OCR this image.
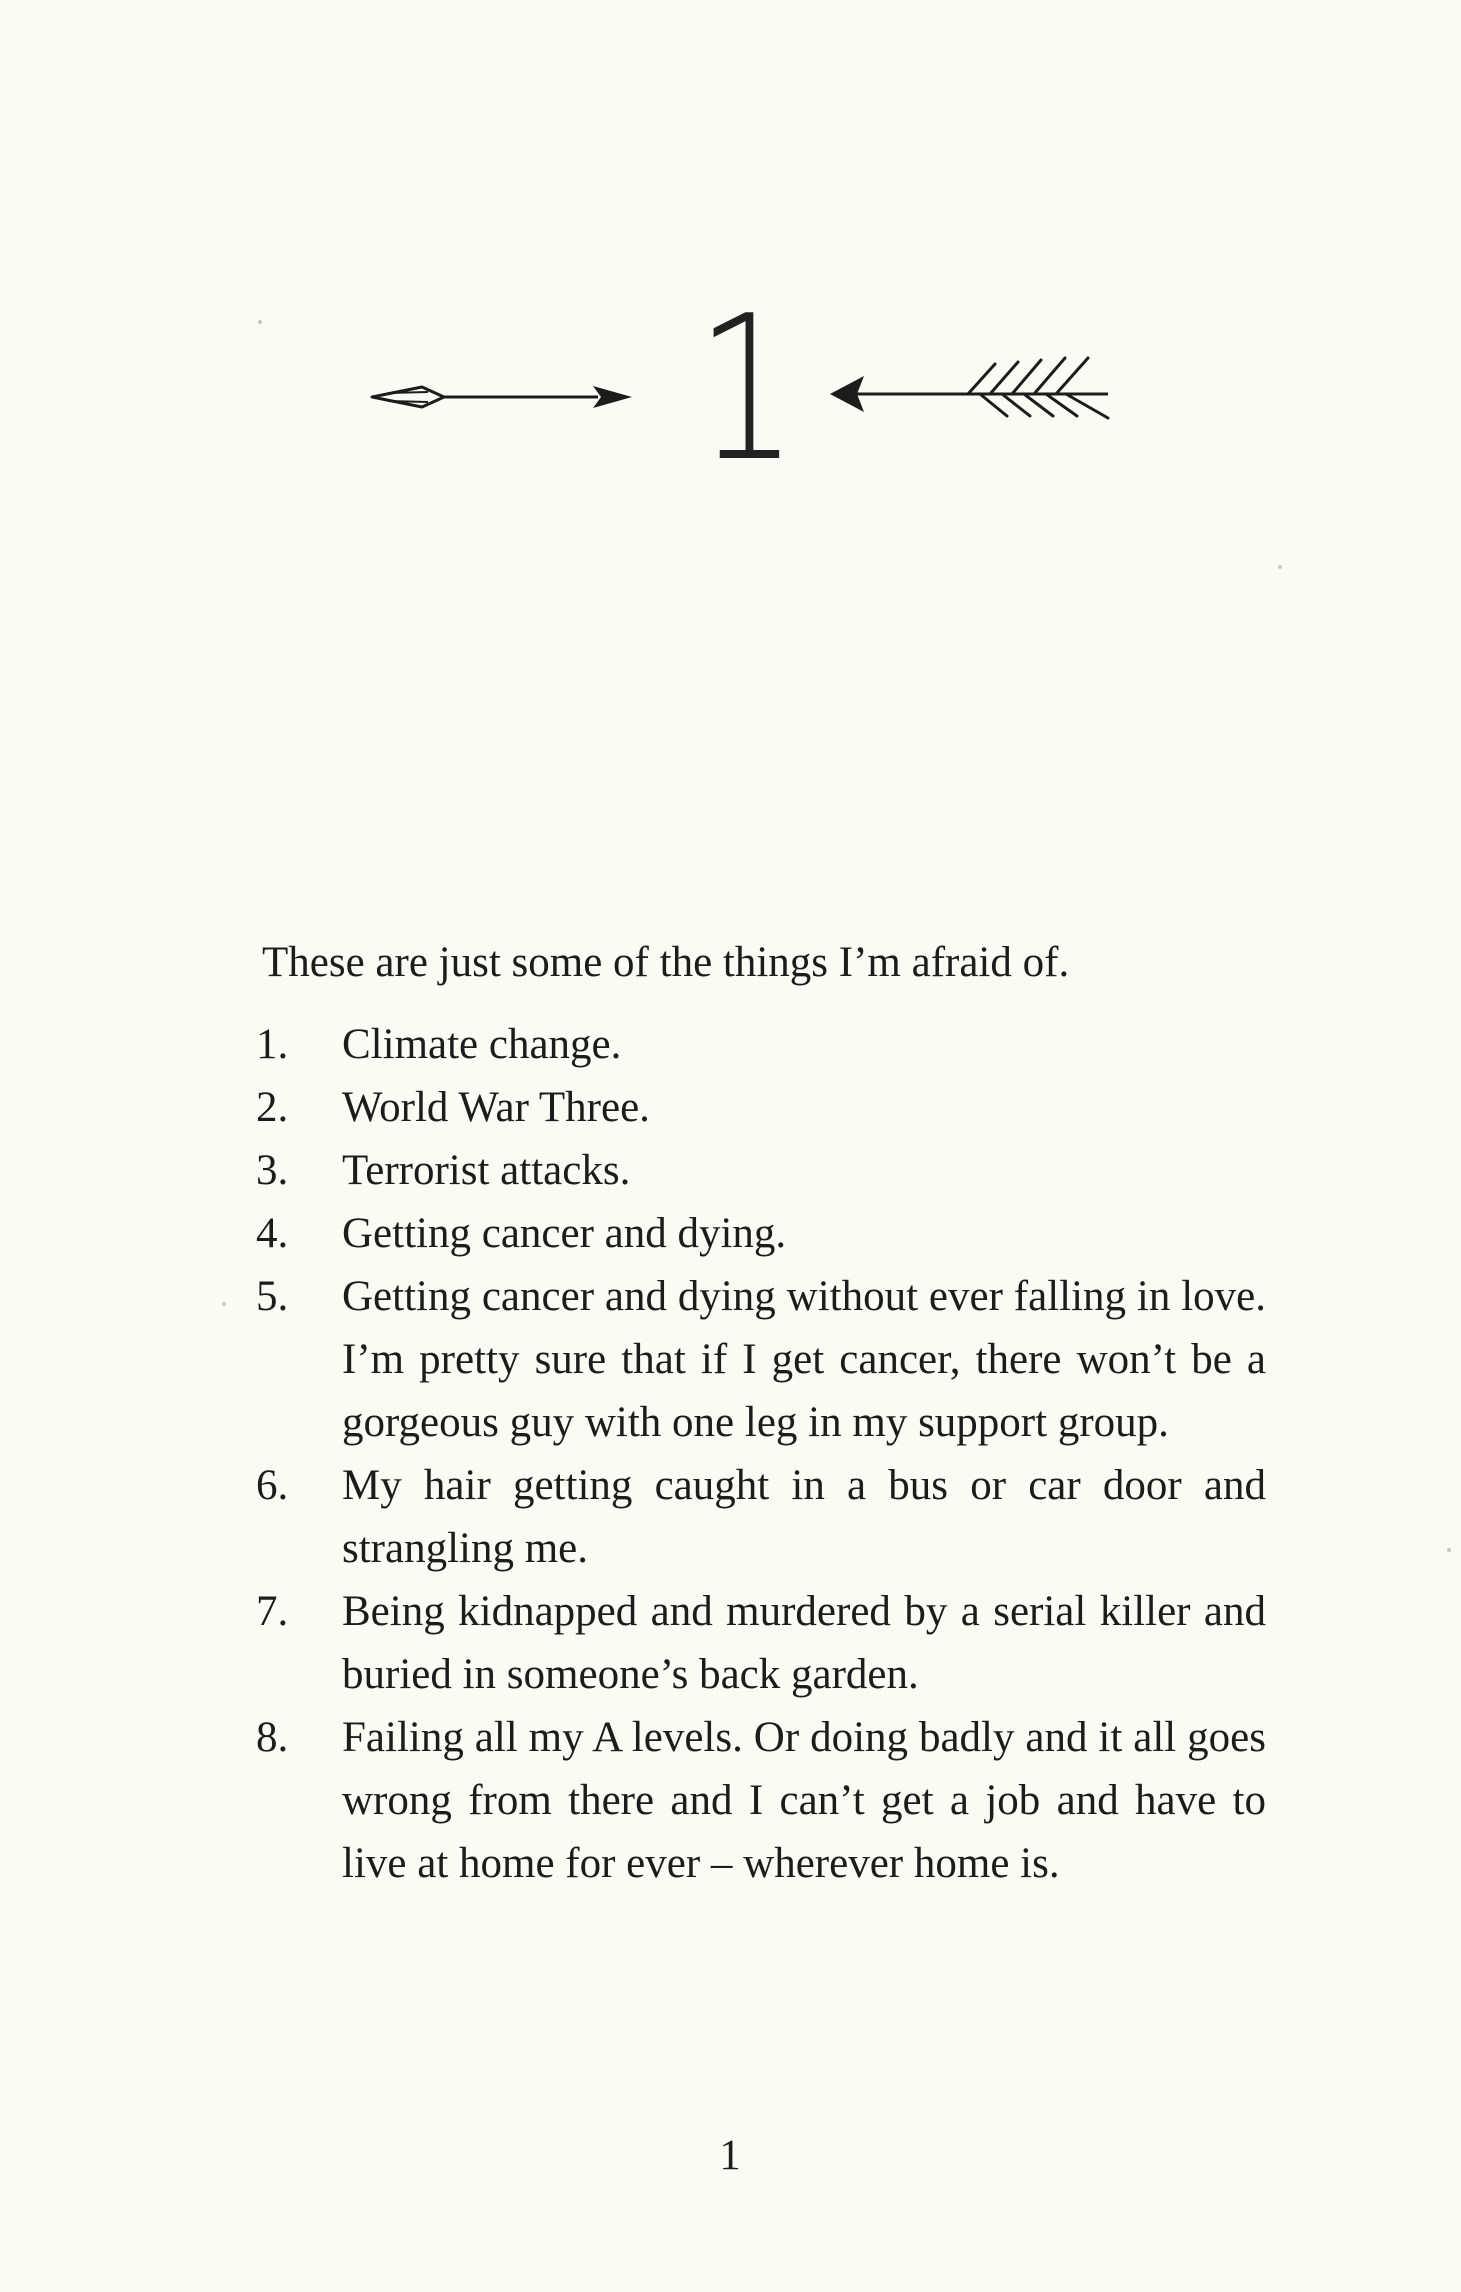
1

These are just some of the things I’m afraid of.

1.	Climate change.
2.	World War Three.
3.	Terrorist attacks.
4.	Getting cancer and dying.
5.	Getting cancer and dying without ever falling in love. I’m pretty sure that if I get cancer, there won’t be a gorgeous guy with one leg in my support group.
6.	My hair getting caught in a bus or car door and strangling me.
7.	Being kidnapped and murdered by a serial killer and buried in someone’s back garden.
8.	Failing all my A levels. Or doing badly and it all goes wrong from there and I can’t get a job and have to live at home for ever – wherever home is.
1
